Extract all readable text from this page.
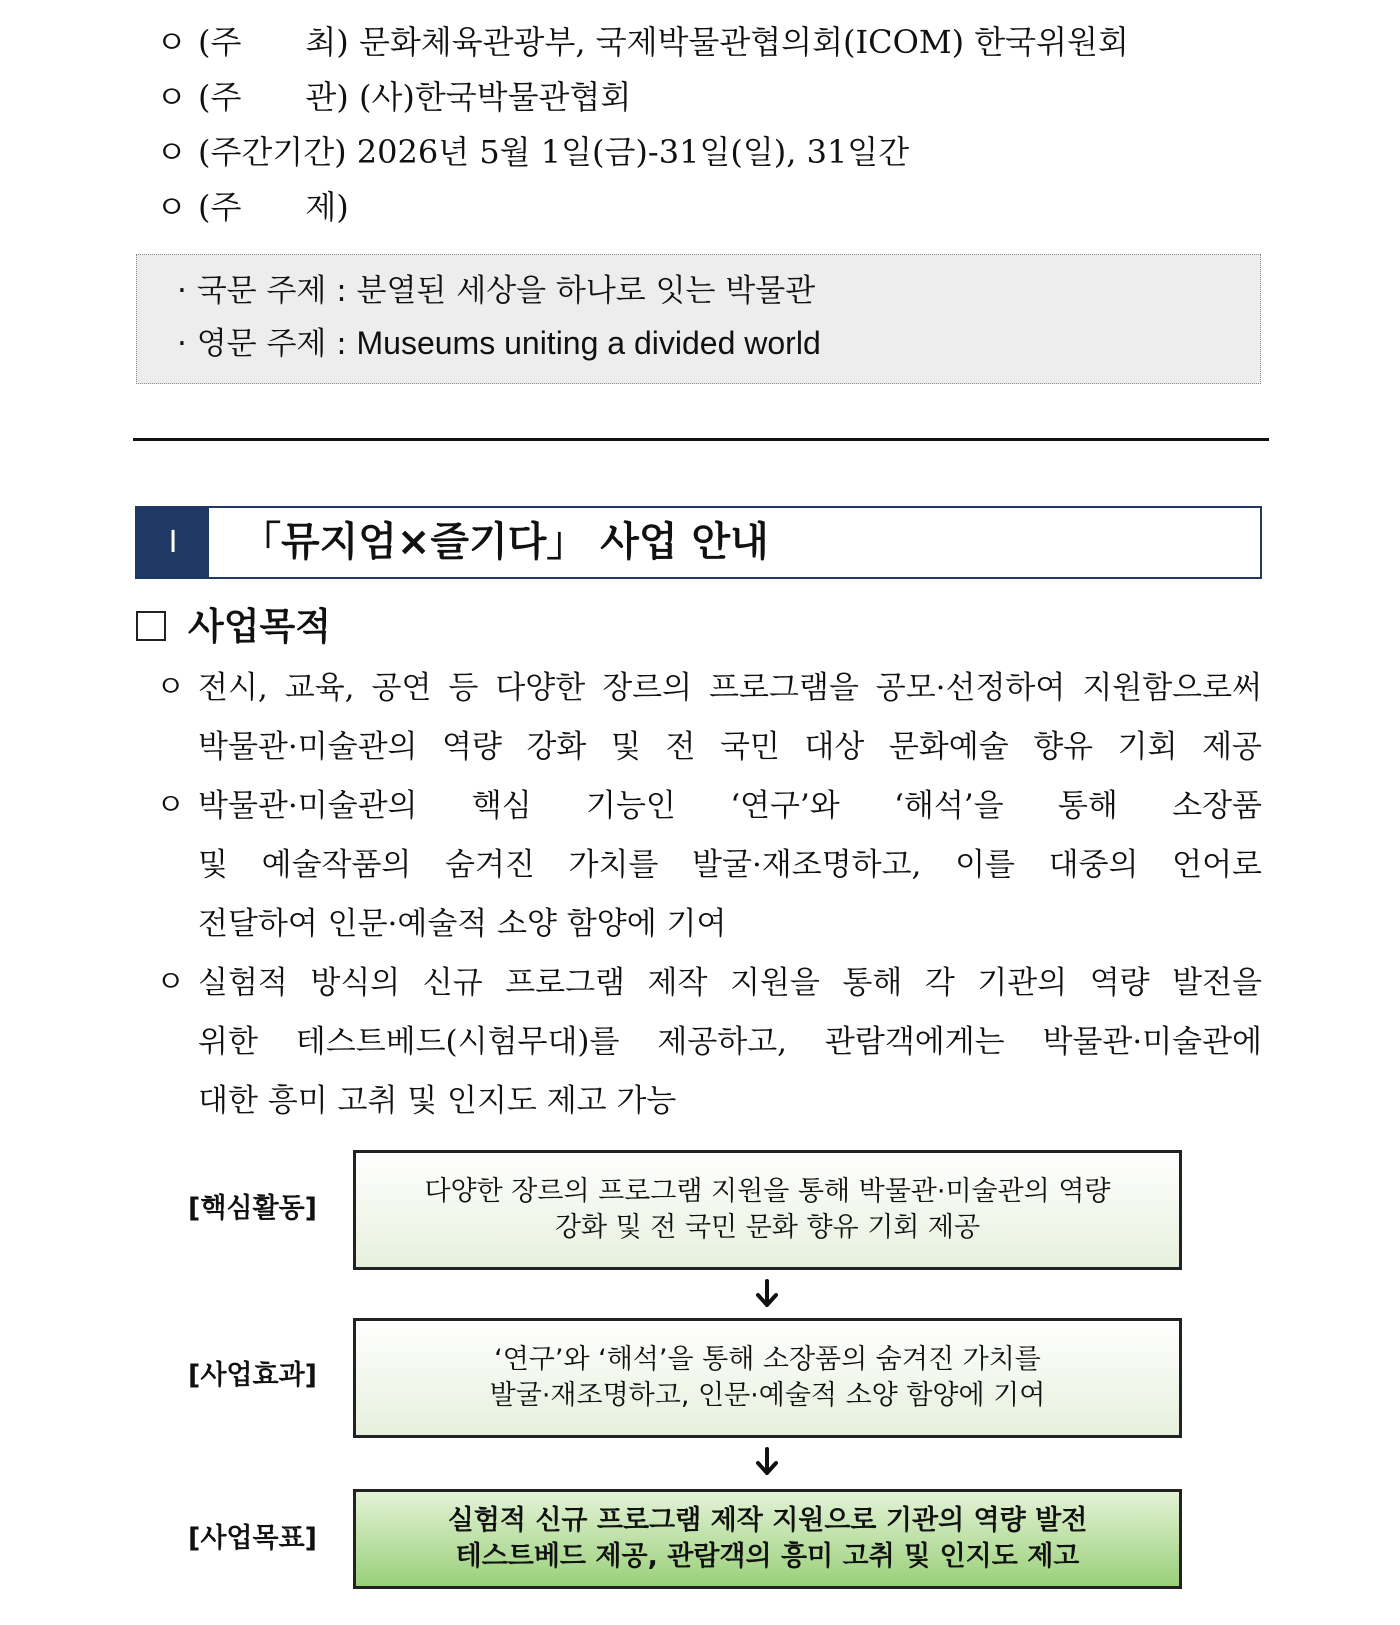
ㅇ (주　　최) 문화체육관광부, 국제박물관협의회(ICOM) 한국위원회
ㅇ (주　　관) (사)한국박물관협회
ㅇ (주간기간) 2026년 5월 1일(금)-31일(일), 31일간
ㅇ (주　　제)
· 국문 주제 : 분열된 세상을 하나로 잇는 박물관
· 영문 주제 : Museums uniting a divided world
Ⅰ	「뮤지엄×즐기다」 사업 안내
사업목적
ㅇ 전시, 교육, 공연 등 다양한 장르의 프로그램을 공모·선정하여 지원함으로써
박물관·미술관의 역량 강화 및 전 국민 대상 문화예술 향유 기회 제공
ㅇ 박물관·미술관의 핵심 기능인 ‘연구’와 ‘해석’을 통해 소장품
및 예술작품의 숨겨진 가치를 발굴·재조명하고, 이를 대중의 언어로
전달하여 인문·예술적 소양 함양에 기여
ㅇ 실험적 방식의 신규 프로그램 제작 지원을 통해 각 기관의 역량 발전을
위한 테스트베드(시험무대)를 제공하고, 관람객에게는 박물관·미술관에
대한 흥미 고취 및 인지도 제고 가능
[핵심활동]
다양한 장르의 프로그램 지원을 통해 박물관·미술관의 역량
강화 및 전 국민 문화 향유 기회 제공
[사업효과]
‘연구’와 ‘해석’을 통해 소장품의 숨겨진 가치를
발굴·재조명하고, 인문·예술적 소양 함양에 기여
[사업목표]
실험적 신규 프로그램 제작 지원으로 기관의 역량 발전
테스트베드 제공, 관람객의 흥미 고취 및 인지도 제고
